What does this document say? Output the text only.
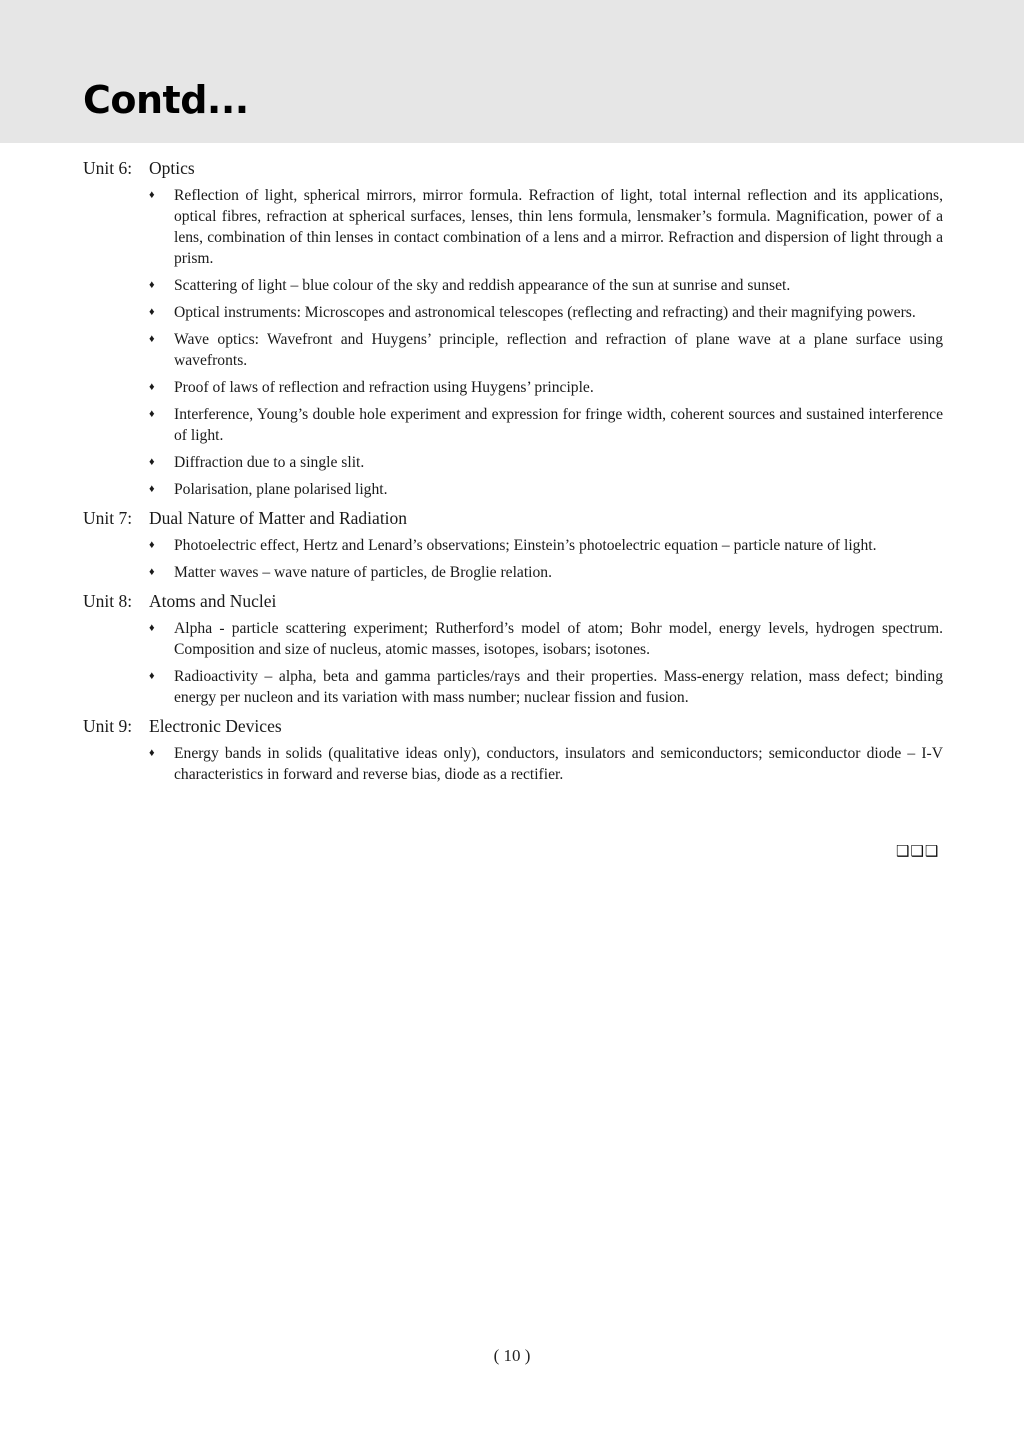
Contd...
Unit 6: Optics
♦ Reflection of light, spherical mirrors, mirror formula. Refraction of light, total internal reflection and its applications, optical fibres, refraction at spherical surfaces, lenses, thin lens formula, lensmaker’s formula. Magnification, power of a lens, combination of thin lenses in contact combination of a lens and a mirror. Refraction and dispersion of light through a prism.
♦ Scattering of light – blue colour of the sky and reddish appearance of the sun at sunrise and sunset.
♦ Optical instruments: Microscopes and astronomical telescopes (reflecting and refracting) and their magnifying powers.
♦ Wave optics: Wavefront and Huygens’ principle, reflection and refraction of plane wave at a plane surface using wavefronts.
♦ Proof of laws of reflection and refraction using Huygens’ principle.
♦ Interference, Young’s double hole experiment and expression for fringe width, coherent sources and sustained interference of light.
♦ Diffraction due to a single slit.
♦ Polarisation, plane polarised light.
Unit 7: Dual Nature of Matter and Radiation
♦ Photoelectric effect, Hertz and Lenard’s observations; Einstein’s photoelectric equation – particle nature of light.
♦ Matter waves – wave nature of particles, de Broglie relation.
Unit 8: Atoms and Nuclei
♦ Alpha - particle scattering experiment; Rutherford’s model of atom; Bohr model, energy levels, hydrogen spectrum. Composition and size of nucleus, atomic masses, isotopes, isobars; isotones.
♦ Radioactivity – alpha, beta and gamma particles/rays and their properties. Mass-energy relation, mass defect; binding energy per nucleon and its variation with mass number; nuclear fission and fusion.
Unit 9: Electronic Devices
♦ Energy bands in solids (qualitative ideas only), conductors, insulators and semiconductors; semiconductor diode – I-V characteristics in forward and reverse bias, diode as a rectifier.
❑❑❑
( 10 )
